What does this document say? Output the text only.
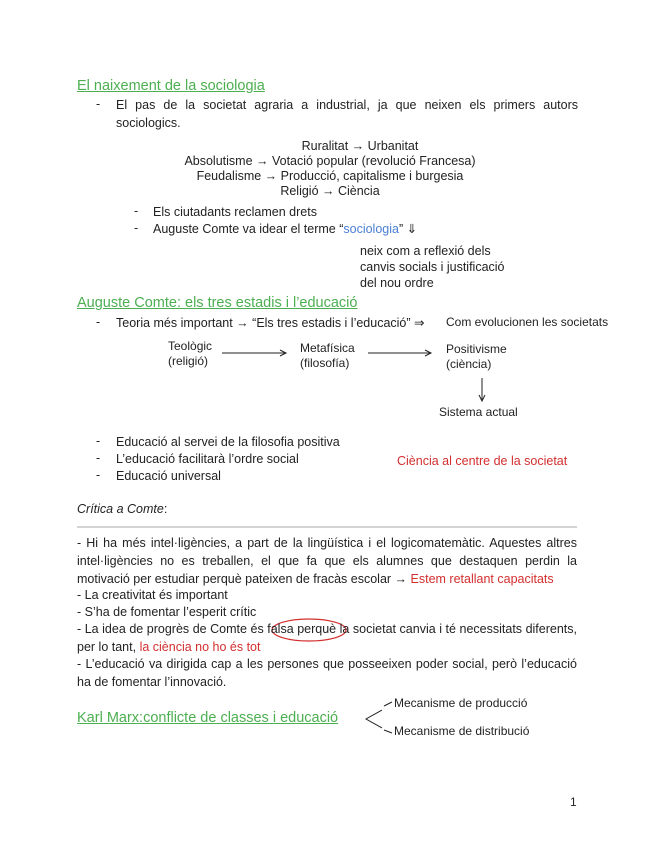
El naixement de la sociologia
- El pas de la societat agraria a industrial, ja que neixen els primers autors sociologics.
Ruralitat → Urbanitat
Absolutisme → Votació popular (revolució Francesa)
Feudalisme → Producció, capitalisme i burgesia
Religió → Ciència
- Els ciutadants reclamen drets
- Auguste Comte va idear el terme “sociologia” ⇓
neix com a reflexió dels
canvis socials i justificació
del nou ordre
Auguste Comte: els tres estadis i l’educació
- Teoria més important → “Els tres estadis i l’educació” ⇒ Com evolucionen les societats
Teològic
(religió)
Metafísica
(filosofía)
Positivisme
(ciència)
Sistema actual
- Educació al servei de la filosofia positiva
- L’educació facilitarà l’ordre social
- Educació universal
Ciència al centre de la societat
Crítica a Comte:
- Hi ha més intel·ligències, a part de la lingüística i el logicomatemàtic. Aquestes altres intel·ligències no es treballen, el que fa que els alumnes que destaquen perdin la motivació per estudiar perquè pateixen de fracàs escolar → Estem retallant capacitats
- La creativitat és important
- S’ha de fomentar l’esperit crític
- La idea de progrès de Comte és falsa perquè la societat canvia i té necessitats diferents, per lo tant, la ciència no ho és tot
- L’educació va dirigida cap a les persones que posseeixen poder social, però l’educació ha de fomentar l’innovació.
Karl Marx:conflicte de classes i educació
Mecanisme de producció
Mecanisme de distribució
1
